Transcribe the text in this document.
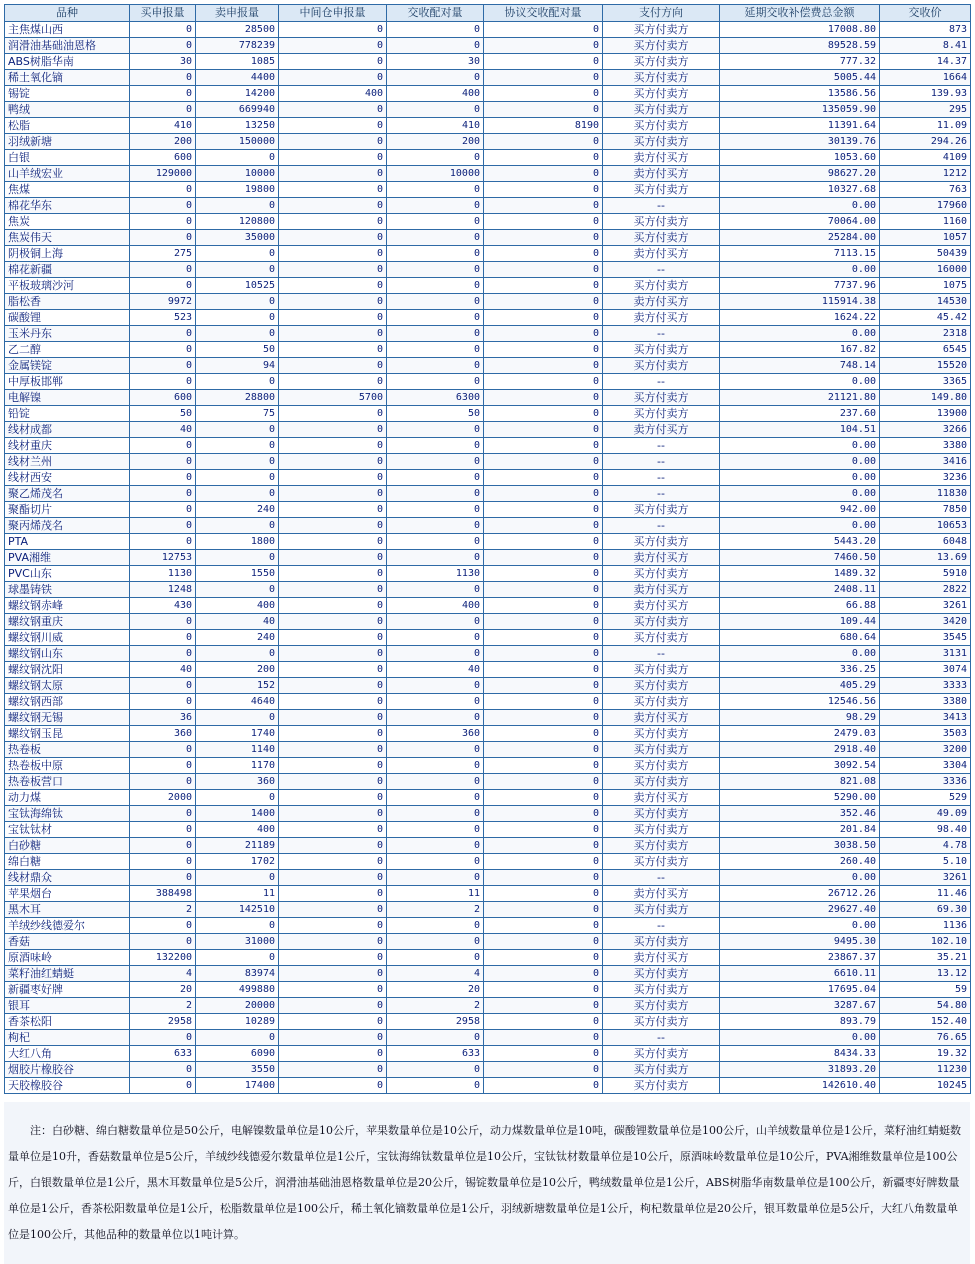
品种	买申报量	卖申报量	中间仓申报量	交收配对量	协议交收配对量	支付方向	延期交收补偿费总金额	交收价
主焦煤山西	0	28500	0	0	0	买方付卖方	17008.80	873
润滑油基础油恩格	0	778239	0	0	0	买方付卖方	89528.59	8.41
ABS树脂华南	30	1085	0	30	0	买方付卖方	777.32	14.37
稀土氧化镝	0	4400	0	0	0	买方付卖方	5005.44	1664
锡锭	0	14200	400	400	0	买方付卖方	13586.56	139.93
鸭绒	0	669940	0	0	0	买方付卖方	135059.90	295
松脂	410	13250	0	410	8190	买方付卖方	11391.64	11.09
羽绒新塘	200	150000	0	200	0	买方付卖方	30139.76	294.26
白银	600	0	0	0	0	卖方付买方	1053.60	4109
山羊绒宏业	129000	10000	0	10000	0	卖方付买方	98627.20	1212
焦煤	0	19800	0	0	0	买方付卖方	10327.68	763
棉花华东	0	0	0	0	0	--	0.00	17960
焦炭	0	120800	0	0	0	买方付卖方	70064.00	1160
焦炭伟天	0	35000	0	0	0	买方付卖方	25284.00	1057
阴极铜上海	275	0	0	0	0	卖方付买方	7113.15	50439
棉花新疆	0	0	0	0	0	--	0.00	16000
平板玻璃沙河	0	10525	0	0	0	买方付卖方	7737.96	1075
脂松香	9972	0	0	0	0	卖方付买方	115914.38	14530
碳酸锂	523	0	0	0	0	卖方付买方	1624.22	45.42
玉米丹东	0	0	0	0	0	--	0.00	2318
乙二醇	0	50	0	0	0	买方付卖方	167.82	6545
金属镁锭	0	94	0	0	0	买方付卖方	748.14	15520
中厚板邯郸	0	0	0	0	0	--	0.00	3365
电解镍	600	28800	5700	6300	0	买方付卖方	21121.80	149.80
铅锭	50	75	0	50	0	买方付卖方	237.60	13900
线材成都	40	0	0	0	0	卖方付买方	104.51	3266
线材重庆	0	0	0	0	0	--	0.00	3380
线材兰州	0	0	0	0	0	--	0.00	3416
线材西安	0	0	0	0	0	--	0.00	3236
聚乙烯茂名	0	0	0	0	0	--	0.00	11830
聚酯切片	0	240	0	0	0	买方付卖方	942.00	7850
聚丙烯茂名	0	0	0	0	0	--	0.00	10653
PTA	0	1800	0	0	0	买方付卖方	5443.20	6048
PVA湘维	12753	0	0	0	0	卖方付买方	7460.50	13.69
PVC山东	1130	1550	0	1130	0	买方付卖方	1489.32	5910
球墨铸铁	1248	0	0	0	0	卖方付买方	2408.11	2822
螺纹钢赤峰	430	400	0	400	0	卖方付买方	66.88	3261
螺纹钢重庆	0	40	0	0	0	买方付卖方	109.44	3420
螺纹钢川威	0	240	0	0	0	买方付卖方	680.64	3545
螺纹钢山东	0	0	0	0	0	--	0.00	3131
螺纹钢沈阳	40	200	0	40	0	买方付卖方	336.25	3074
螺纹钢太原	0	152	0	0	0	买方付卖方	405.29	3333
螺纹钢西部	0	4640	0	0	0	买方付卖方	12546.56	3380
螺纹钢无锡	36	0	0	0	0	卖方付买方	98.29	3413
螺纹钢玉昆	360	1740	0	360	0	买方付卖方	2479.03	3503
热卷板	0	1140	0	0	0	买方付卖方	2918.40	3200
热卷板中原	0	1170	0	0	0	买方付卖方	3092.54	3304
热卷板营口	0	360	0	0	0	买方付卖方	821.08	3336
动力煤	2000	0	0	0	0	卖方付买方	5290.00	529
宝钛海绵钛	0	1400	0	0	0	买方付卖方	352.46	49.09
宝钛钛材	0	400	0	0	0	买方付卖方	201.84	98.40
白砂糖	0	21189	0	0	0	买方付卖方	3038.50	4.78
绵白糖	0	1702	0	0	0	买方付卖方	260.40	5.10
线材鼎众	0	0	0	0	0	--	0.00	3261
苹果烟台	388498	11	0	11	0	卖方付买方	26712.26	11.46
黑木耳	2	142510	0	2	0	买方付卖方	29627.40	69.30
羊绒纱线德爱尔	0	0	0	0	0	--	0.00	1136
香菇	0	31000	0	0	0	买方付卖方	9495.30	102.10
原酒味岭	132200	0	0	0	0	卖方付买方	23867.37	35.21
菜籽油红蜻蜓	4	83974	0	4	0	买方付卖方	6610.11	13.12
新疆枣好牌	20	499880	0	20	0	买方付卖方	17695.04	59
银耳	2	20000	0	2	0	买方付卖方	3287.67	54.80
香茶松阳	2958	10289	0	2958	0	买方付卖方	893.79	152.40
枸杞	0	0	0	0	0	--	0.00	76.65
大红八角	633	6090	0	633	0	买方付卖方	8434.33	19.32
烟胶片橡胶谷	0	3550	0	0	0	买方付卖方	31893.20	11230
天胶橡胶谷	0	17400	0	0	0	买方付卖方	142610.40	10245
注：白砂糖、绵白糖数量单位是50公斤，电解镍数量单位是10公斤，苹果数量单位是10公斤，动力煤数量单位是10吨，碳酸锂数量单位是100公斤，山羊绒数量单位是1公斤，菜籽油红蜻蜓数量单位是10升，香菇数量单位是5公斤，羊绒纱线德爱尔数量单位是1公斤，宝钛海绵钛数量单位是10公斤，宝钛钛材数量单位是10公斤，原酒味岭数量单位是10公斤，PVA湘维数量单位是100公斤，白银数量单位是1公斤，黑木耳数量单位是5公斤，润滑油基础油恩格数量单位是20公斤，锡锭数量单位是10公斤，鸭绒数量单位是1公斤，ABS树脂华南数量单位是100公斤，新疆枣好牌数量单位是1公斤，香茶松阳数量单位是1公斤，松脂数量单位是100公斤，稀土氧化镝数量单位是1公斤，羽绒新塘数量单位是1公斤，枸杞数量单位是20公斤，银耳数量单位是5公斤，大红八角数量单位是100公斤，其他品种的数量单位以1吨计算。
